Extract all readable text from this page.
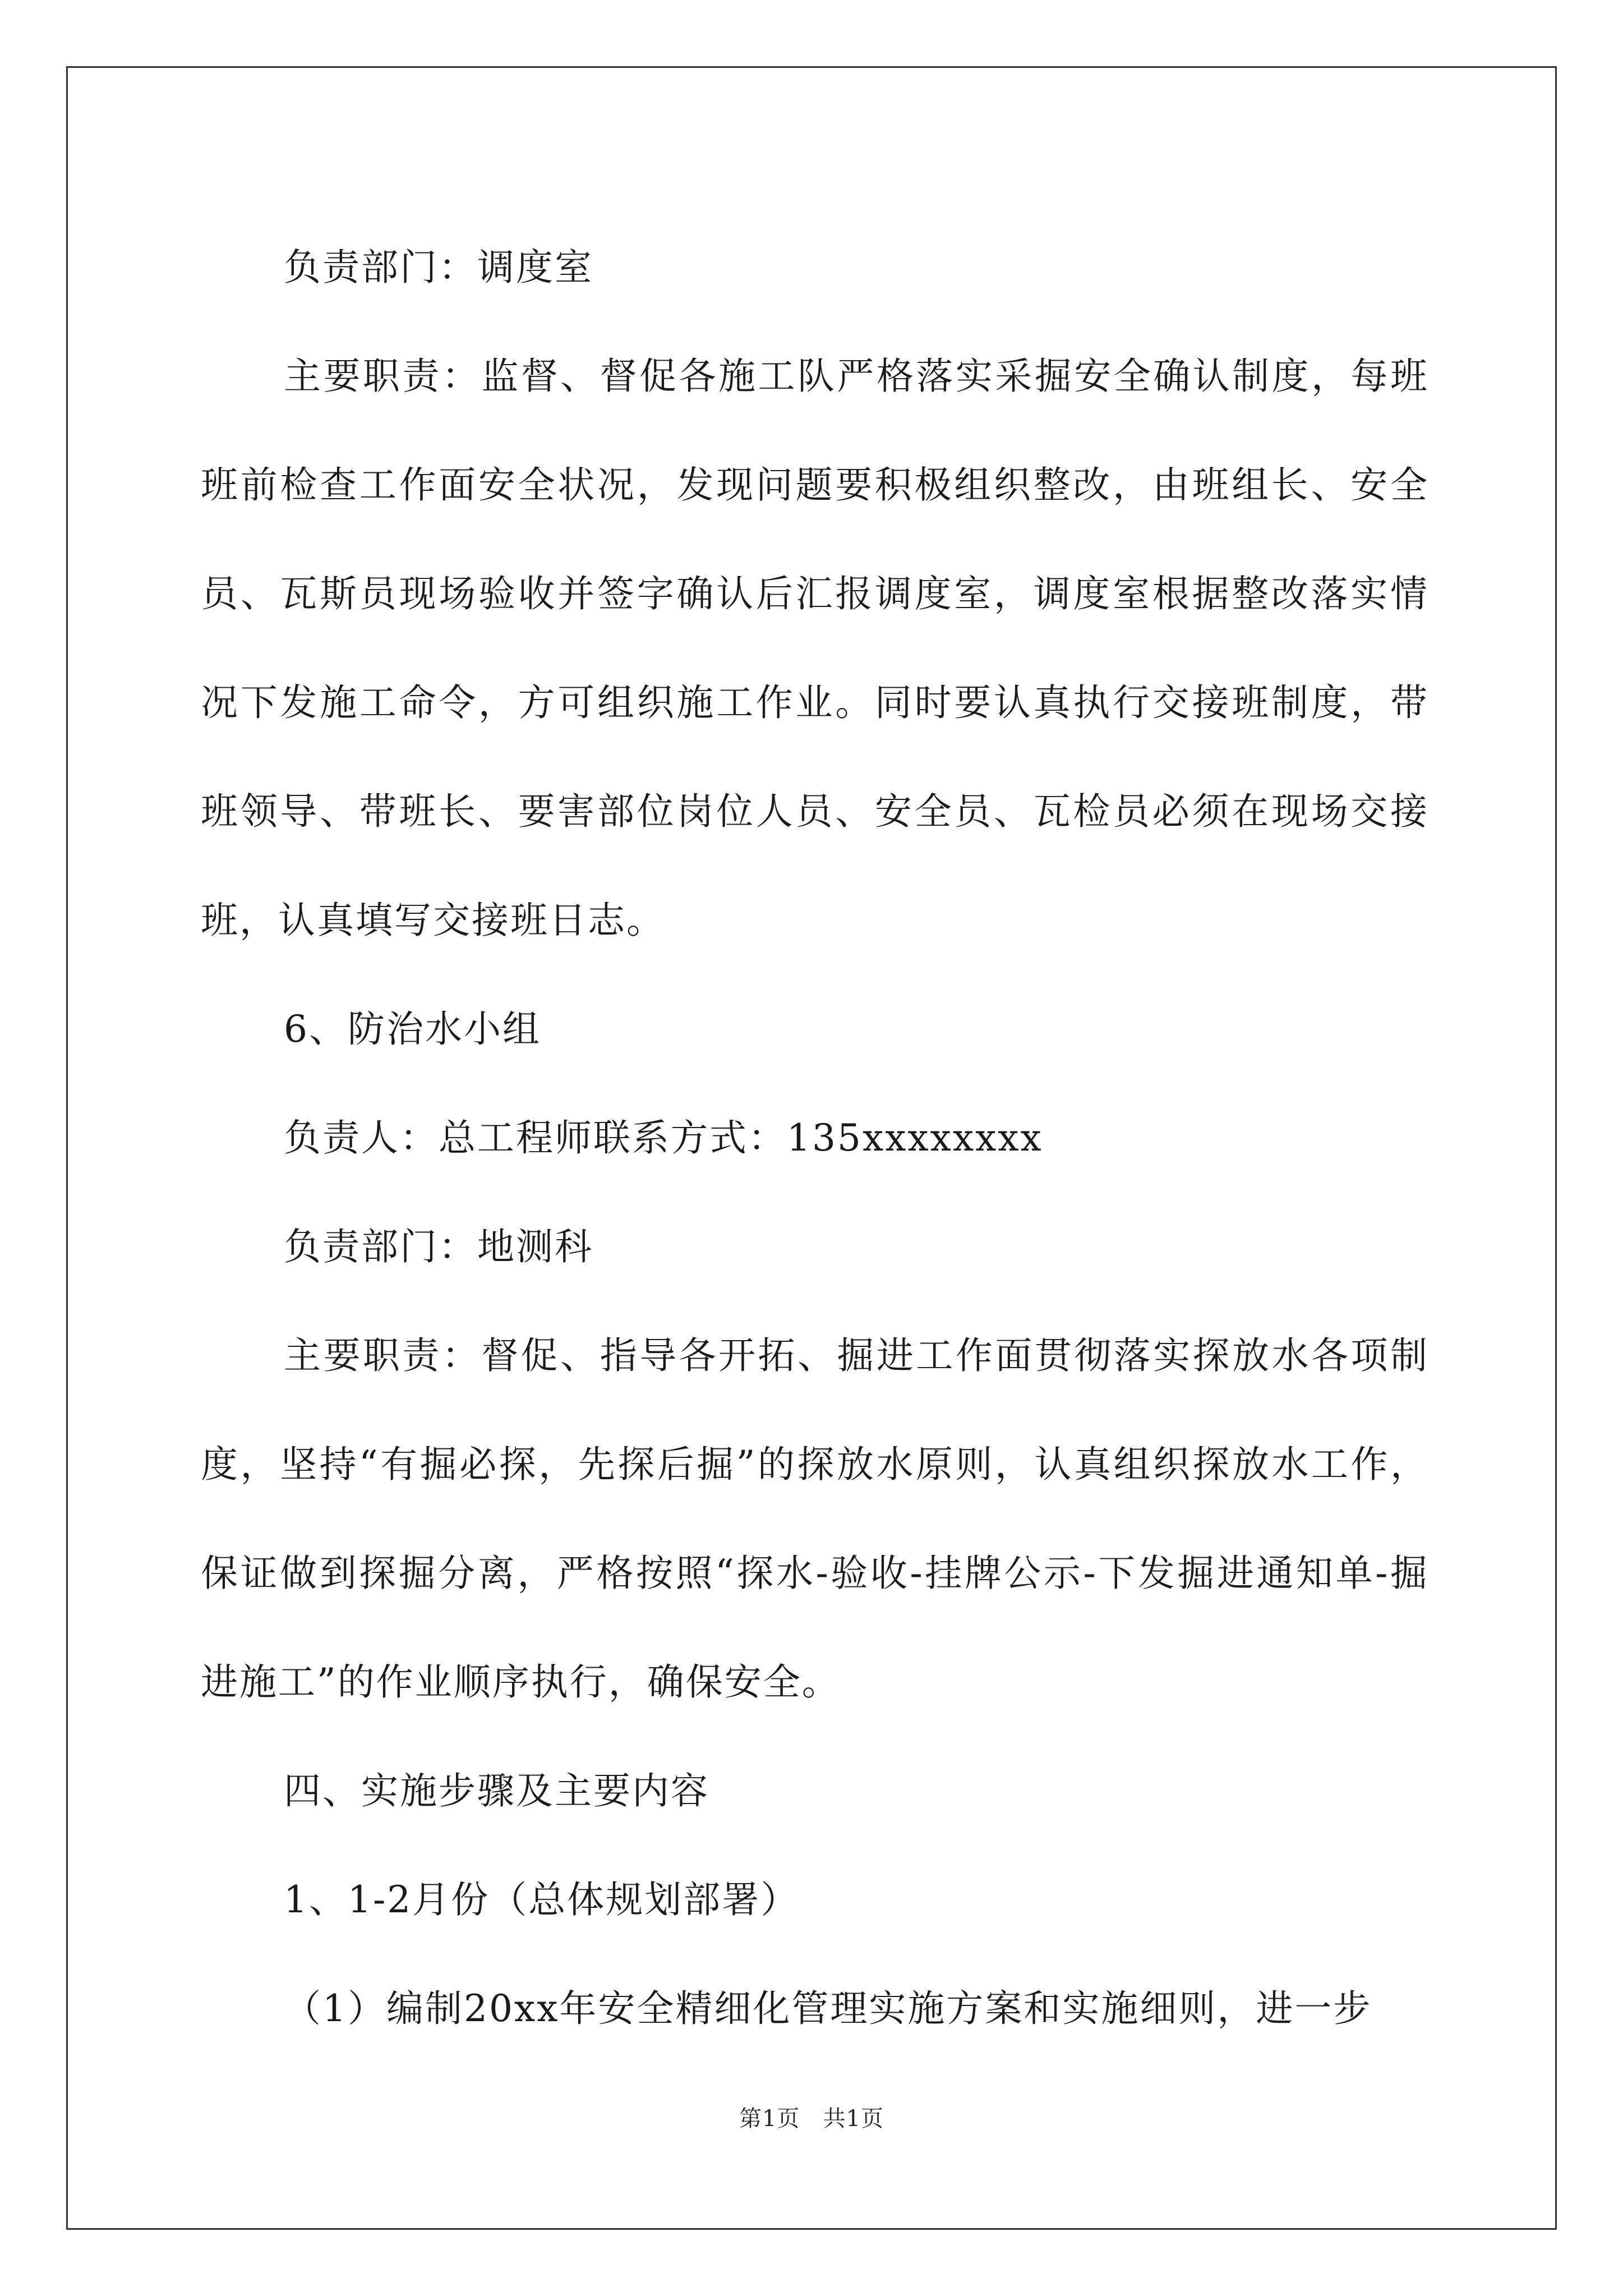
负责部门：调度室

主要职责：监督、督促各施工队严格落实采掘安全确认制度，每班班前检查工作面安全状况，发现问题要积极组织整改，由班组长、安全员、瓦斯员现场验收并签字确认后汇报调度室，调度室根据整改落实情况下发施工命令，方可组织施工作业。同时要认真执行交接班制度，带班领导、带班长、要害部位岗位人员、安全员、瓦检员必须在现场交接班，认真填写交接班日志。

6、防治水小组

负责人：总工程师联系方式：135xxxxxxxx

负责部门：地测科

主要职责：督促、指导各开拓、掘进工作面贯彻落实探放水各项制度，坚持“有掘必探，先探后掘”的探放水原则，认真组织探放水工作，保证做到探掘分离，严格按照“探水-验收-挂牌公示-下发掘进通知单-掘进施工”的作业顺序执行，确保安全。

四、实施步骤及主要内容

1、1-2月份（总体规划部署）

（1）编制20xx年安全精细化管理实施方案和实施细则，进一步

第1页 共1页
